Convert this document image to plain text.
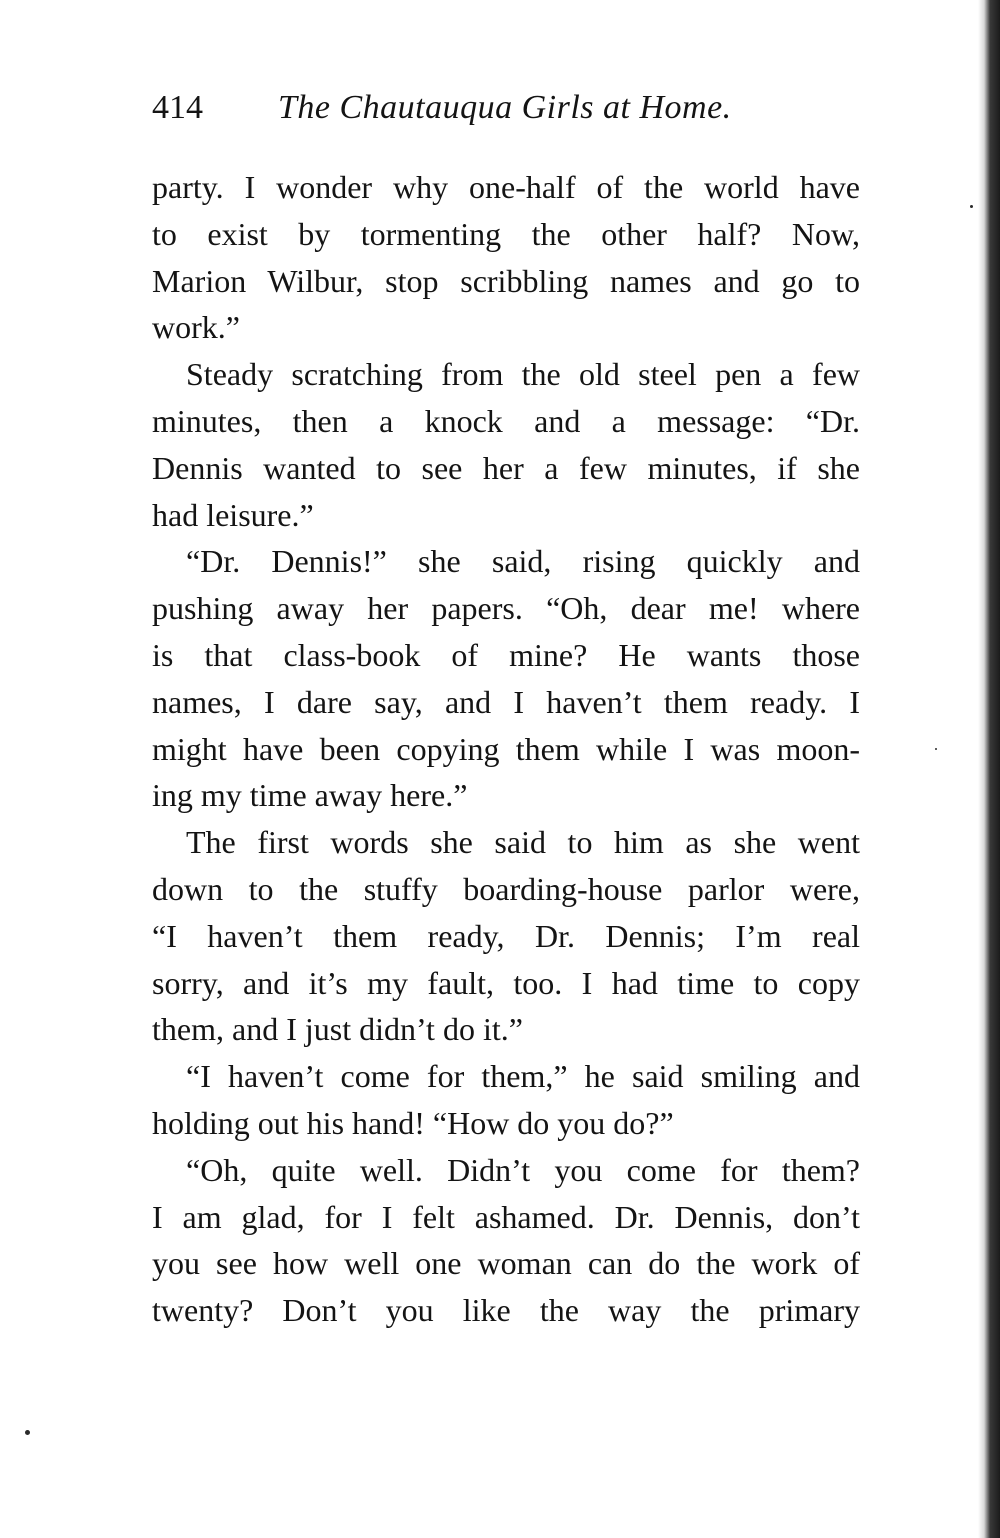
414 The Chautauqua Girls at Home.
party. I wonder why one-half of the world have
to exist by tormenting the other half? Now,
Marion Wilbur, stop scribbling names and go to
work.”
Steady scratching from the old steel pen a few
minutes, then a knock and a message: “Dr.
Dennis wanted to see her a few minutes, if she
had leisure.”
“Dr. Dennis!” she said, rising quickly and
pushing away her papers. “Oh, dear me! where
is that class-book of mine? He wants those
names, I dare say, and I haven’t them ready. I
might have been copying them while I was moon-
ing my time away here.”
The first words she said to him as she went
down to the stuffy boarding-house parlor were,
“I haven’t them ready, Dr. Dennis; I’m real
sorry, and it’s my fault, too. I had time to copy
them, and I just didn’t do it.”
“I haven’t come for them,” he said smiling and
holding out his hand! “How do you do?”
“Oh, quite well. Didn’t you come for them?
I am glad, for I felt ashamed. Dr. Dennis, don’t
you see how well one woman can do the work of
twenty? Don’t you like the way the primary
